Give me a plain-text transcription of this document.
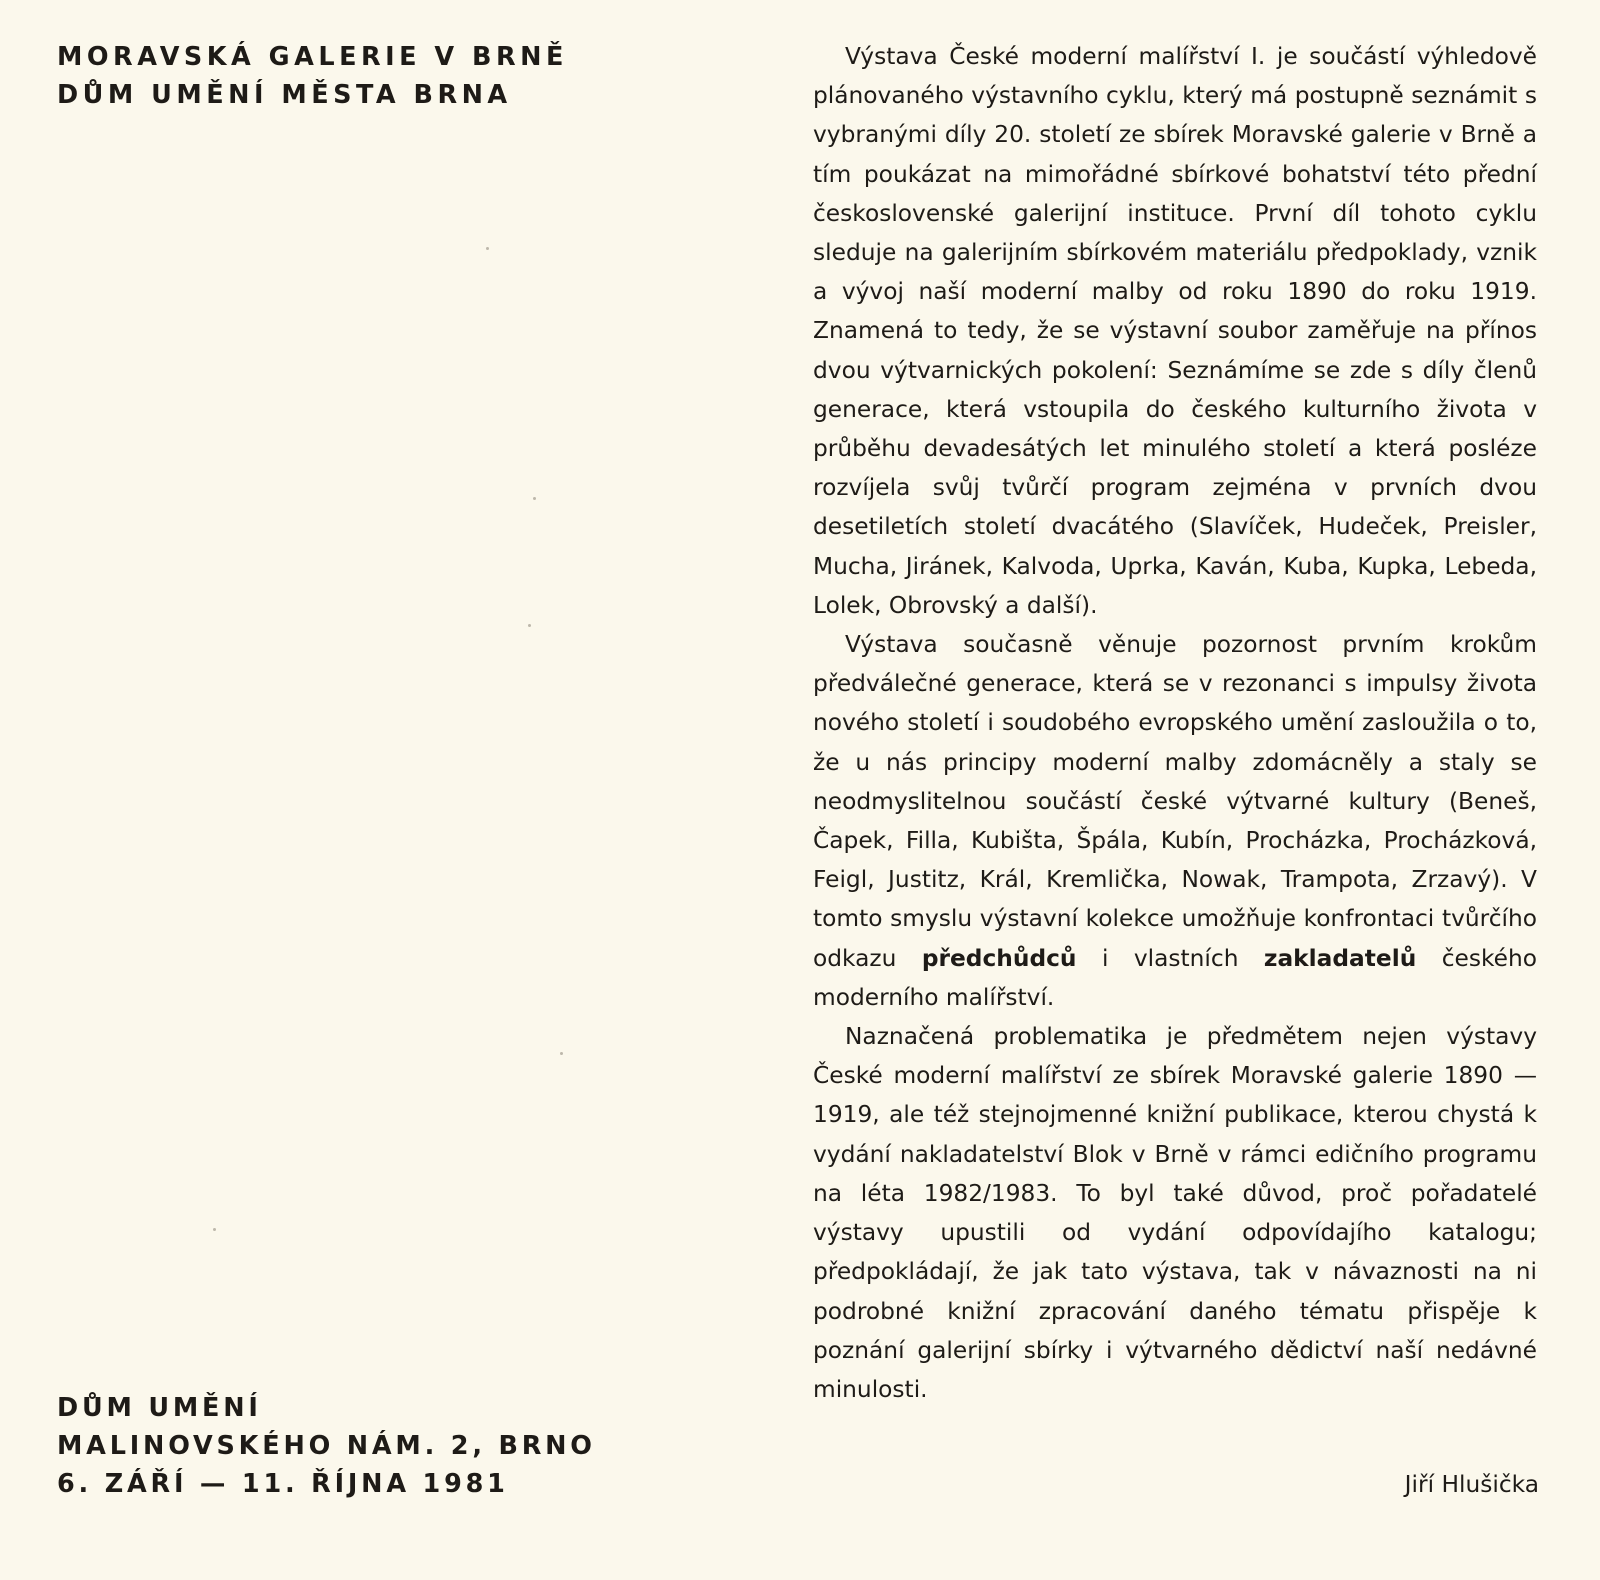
MORAVSKÁ GALERIE V BRNĚ
DŮM UMĚNÍ MĚSTA BRNA
DŮM UMĚNÍ
MALINOVSKÉHO NÁM. 2, BRNO
6. ZÁŘÍ — 11. ŘÍJNA 1981

Výstava České moderní malířství I. je součástí výhledově plánovaného výstavního cyklu, který má postupně seznámit s vybranými díly 20. století ze sbírek Moravské galerie v Brně a tím poukázat na mimořádné sbírkové bohatství této přední československé galerijní instituce. První díl tohoto cyklu sleduje na galerijním sbírkovém materiálu předpoklady, vznik a vývoj naší moderní malby od roku 1890 do roku 1919. Znamená to tedy, že se výstavní soubor zaměřuje na přínos dvou výtvarnických pokolení: Seznámíme se zde s díly členů generace, která vstoupila do českého kulturního života v průběhu devadesátých let minulého století a která posléze rozvíjela svůj tvůrčí program zejména v prvních dvou desetiletích století dvacátého (Slavíček, Hudeček, Preisler, Mucha, Jiránek, Kalvoda, Uprka, Kaván, Kuba, Kupka, Lebeda, Lolek, Obrovský a další).

Výstava současně věnuje pozornost prvním krokům předválečné generace, která se v rezonanci s impulsy života nového století i soudobého evropského umění zasloužila o to, že u nás principy moderní malby zdomácněly a staly se neodmyslitelnou součástí české výtvarné kultury (Beneš, Čapek, Filla, Kubišta, Špála, Kubín, Procházka, Procházková, Feigl, Justitz, Král, Kremlička, Nowak, Trampota, Zrzavý). V tomto smyslu výstavní kolekce umožňuje konfrontaci tvůrčího odkazu předchůdců i vlastních zakladatelů českého moderního malířství.

Naznačená problematika je předmětem nejen výstavy České moderní malířství ze sbírek Moravské galerie 1890 — 1919, ale též stejnojmenné knižní publikace, kterou chystá k vydání nakladatelství Blok v Brně v rámci edičního programu na léta 1982/1983. To byl také důvod, proč pořadatelé výstavy upustili od vydání odpovídajího katalogu; předpokládají, že jak tato výstava, tak v návaznosti na ni podrobné knižní zpracování daného tématu přispěje k poznání galerijní sbírky i výtvarného dědictví naší nedávné minulosti.

Jiří Hlušička
